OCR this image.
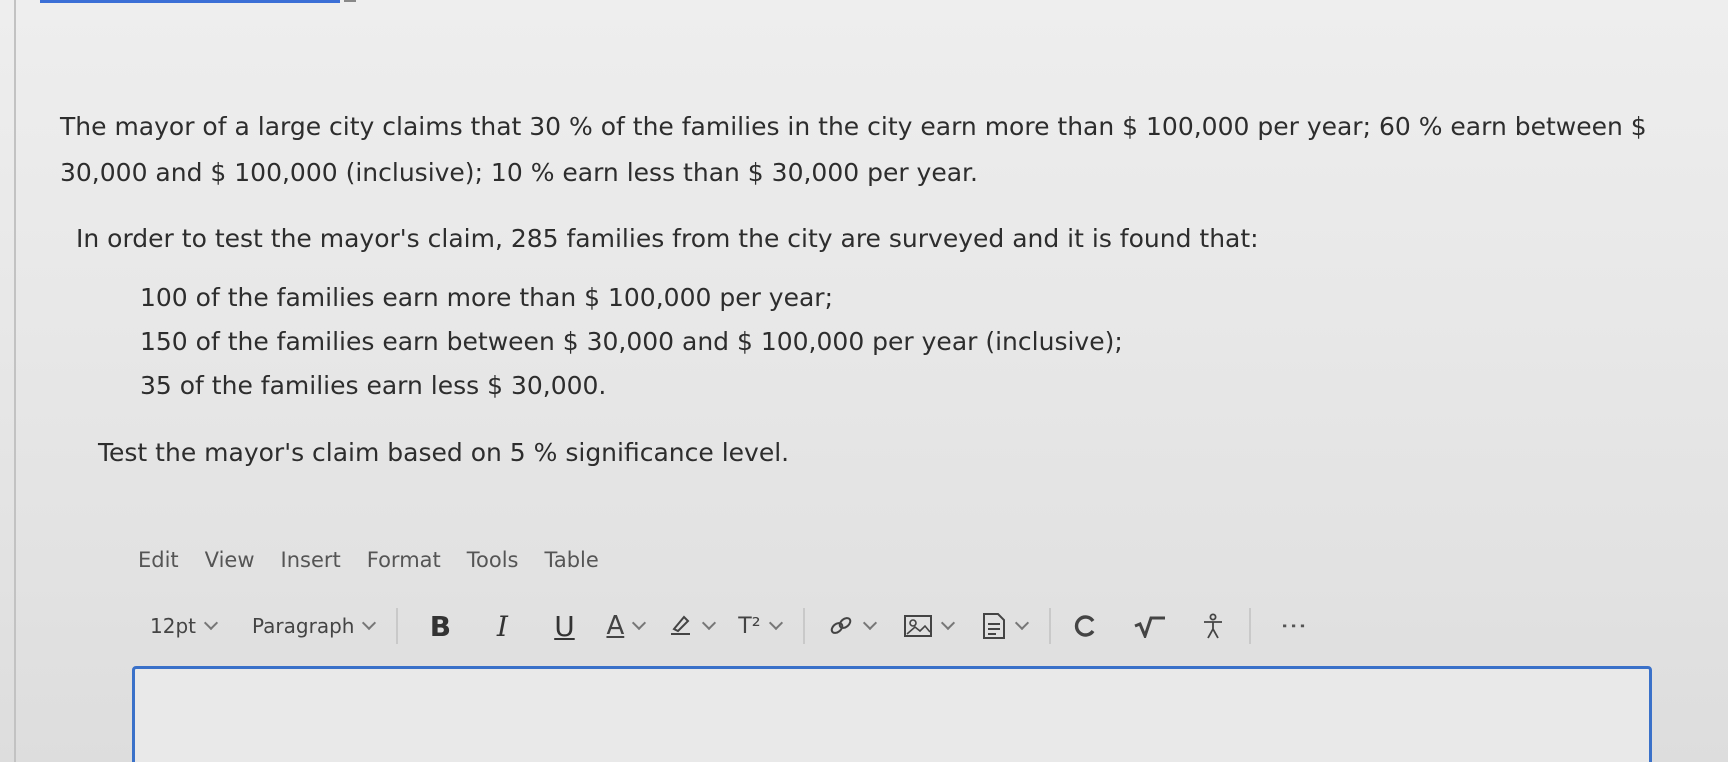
The mayor of a large city claims that 30 % of the families in the city earn more than $ 100,000 per year; 60 % earn between $
30,000 and $ 100,000 (inclusive); 10 % earn less than $ 30,000 per year.

In order to test the mayor's claim, 285 families from the city are surveyed and it is found that:
100 of the families earn more than $ 100,000 per year;
150 of the families earn between $ 30,000 and $ 100,000 per year (inclusive);
35 of the families earn less $ 30,000.
Test the mayor's claim based on 5 % significance level.
Edit View Insert Format Tools Table
12pt	Paragraph	B	I	U	A	T²	⋮
